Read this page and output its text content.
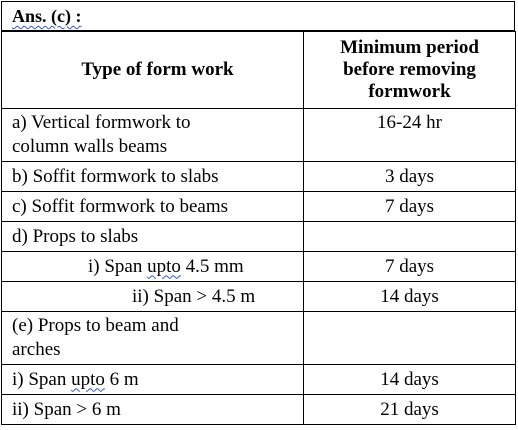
Ans. (c) :
Type of form work	Minimum period
before removing
formwork
a) Vertical formwork to
column walls beams	16-24 hr
b) Soffit formwork to slabs	3 days
c) Soffit formwork to beams	7 days
d) Props to slabs	
i) Span upto 4.5 mm	7 days
ii) Span > 4.5 m	14 days
(e) Props to beam and
arches	
i) Span upto 6 m	14 days
ii) Span > 6 m	21 days
